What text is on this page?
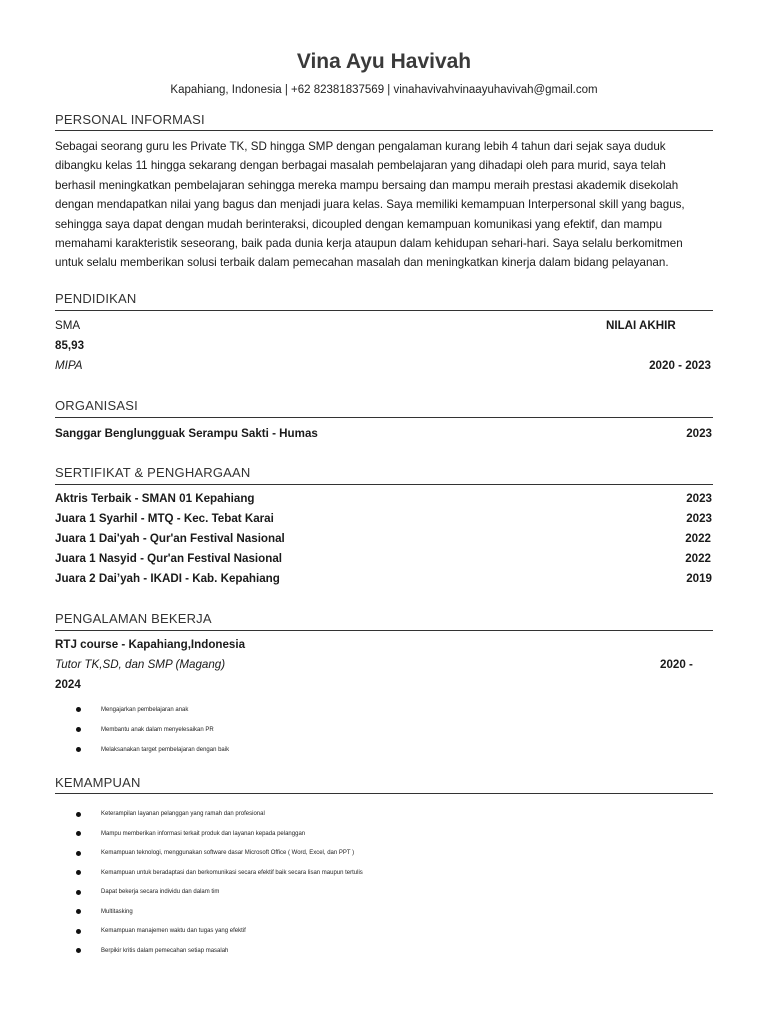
Vina Ayu Havivah
Kapahiang, Indonesia | +62 82381837569 | vinahavivahvinaayuhavivah@gmail.com
PERSONAL INFORMASI
Sebagai seorang guru les Private TK, SD hingga SMP dengan pengalaman kurang lebih 4 tahun dari sejak saya duduk
dibangku kelas 11 hingga sekarang dengan berbagai masalah pembelajaran yang dihadapi oleh para murid, saya telah
berhasil meningkatkan pembelajaran sehingga mereka mampu bersaing dan mampu meraih prestasi akademik disekolah
dengan mendapatkan nilai yang bagus dan menjadi juara kelas. Saya memiliki kemampuan Interpersonal skill yang bagus,
sehingga saya dapat dengan mudah berinteraksi, dicoupled dengan kemampuan komunikasi yang efektif, dan mampu
memahami karakteristik seseorang, baik pada dunia kerja ataupun dalam kehidupan sehari-hari. Saya selalu berkomitmen
untuk selalu memberikan solusi terbaik dalam pemecahan masalah dan meningkatkan kinerja dalam bidang pelayanan.
PENDIDIKAN
SMA	NILAI AKHIR
85,93
MIPA	2020 - 2023
ORGANISASI
Sanggar Benglungguak Serampu Sakti - Humas	2023
SERTIFIKAT & PENGHARGAAN
Aktris Terbaik - SMAN 01 Kepahiang	2023
Juara 1 Syarhil - MTQ - Kec. Tebat Karai	2023
Juara 1 Dai'yah - Qur'an Festival Nasional	2022
Juara 1 Nasyid - Qur'an Festival Nasional	2022
Juara 2 Dai’yah - IKADI - Kab. Kepahiang	2019
PENGALAMAN BEKERJA
RTJ course - Kapahiang,Indonesia
Tutor TK,SD, dan SMP (Magang)	2020 -
2024
Mengajarkan pembelajaran anak
Membantu anak dalam menyelesaikan PR
Melaksanakan target pembelajaran dengan baik
KEMAMPUAN
Keterampilan layanan pelanggan yang ramah dan profesional
Mampu memberikan informasi terkait produk dan layanan kepada pelanggan
Kemampuan teknologi, menggunakan software dasar Microsoft Office ( Word, Excel, dan PPT )
Kemampuan untuk beradaptasi dan berkomunikasi secara efektif baik secara lisan maupun tertulis
Dapat bekerja secara individu dan dalam tim
Multitasking
Kemampuan manajemen waktu dan tugas yang efektif
Berpikir kritis dalam pemecahan setiap masalah
